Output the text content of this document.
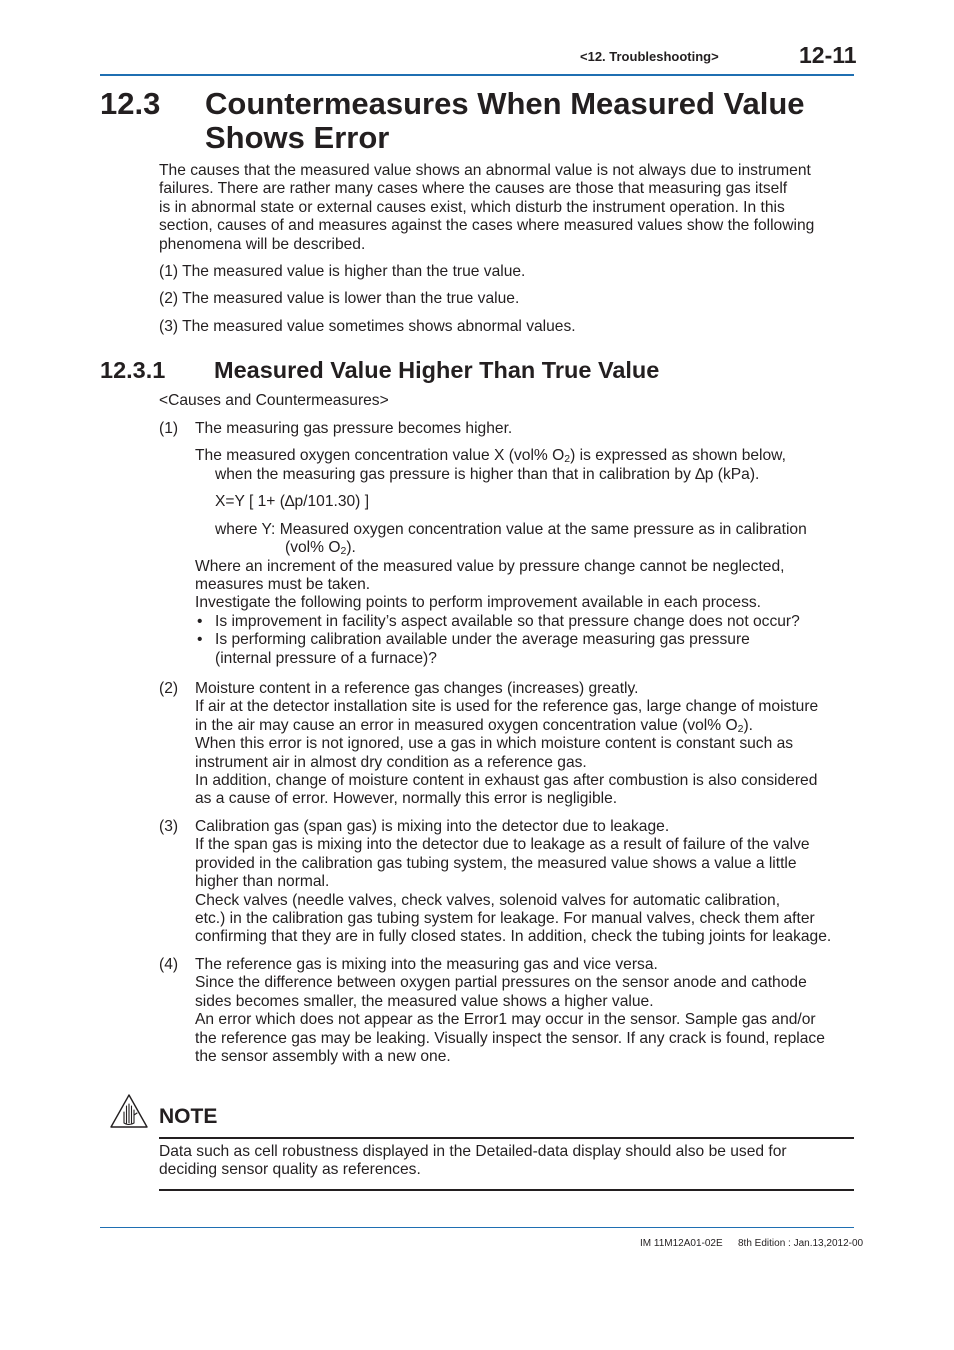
<12. Troubleshooting>	12-11
12.3 Countermeasures When Measured Value
Shows Error
The causes that the measured value shows an abnormal value is not always due to instrument
failures. There are rather many cases where the causes are those that measuring gas itself
is in abnormal state or external causes exist, which disturb the instrument operation. In this
section, causes of and measures against the cases where measured values show the following
phenomena will be described.
(1) The measured value is higher than the true value.
(2) The measured value is lower than the true value.
(3) The measured value sometimes shows abnormal values.
12.3.1 Measured Value Higher Than True Value
<Causes and Countermeasures>
(1) The measuring gas pressure becomes higher.
The measured oxygen concentration value X (vol% O2) is expressed as shown below,
when the measuring gas pressure is higher than that in calibration by ∆p (kPa).
X=Y [ 1+ (∆p/101.30) ]
where Y: Measured oxygen concentration value at the same pressure as in calibration
(vol% O2).
Where an increment of the measured value by pressure change cannot be neglected,
measures must be taken.
Investigate the following points to perform improvement available in each process.
• Is improvement in facility’s aspect available so that pressure change does not occur?
• Is performing calibration available under the average measuring gas pressure
(internal pressure of a furnace)?
(2) Moisture content in a reference gas changes (increases) greatly.
If air at the detector installation site is used for the reference gas, large change of moisture
in the air may cause an error in measured oxygen concentration value (vol% O2).
When this error is not ignored, use a gas in which moisture content is constant such as
instrument air in almost dry condition as a reference gas.
In addition, change of moisture content in exhaust gas after combustion is also considered
as a cause of error. However, normally this error is negligible.
(3) Calibration gas (span gas) is mixing into the detector due to leakage.
If the span gas is mixing into the detector due to leakage as a result of failure of the valve
provided in the calibration gas tubing system, the measured value shows a value a little
higher than normal.
Check valves (needle valves, check valves, solenoid valves for automatic calibration,
etc.) in the calibration gas tubing system for leakage. For manual valves, check them after
confirming that they are in fully closed states. In addition, check the tubing joints for leakage.
(4) The reference gas is mixing into the measuring gas and vice versa.
Since the difference between oxygen partial pressures on the sensor anode and cathode
sides becomes smaller, the measured value shows a higher value.
An error which does not appear as the Error1 may occur in the sensor. Sample gas and/or
the reference gas may be leaking. Visually inspect the sensor. If any crack is found, replace
the sensor assembly with a new one.
NOTE
Data such as cell robustness displayed in the Detailed-data display should also be used for
deciding sensor quality as references.
IM 11M12A01-02E 8th Edition : Jan.13,2012-00
